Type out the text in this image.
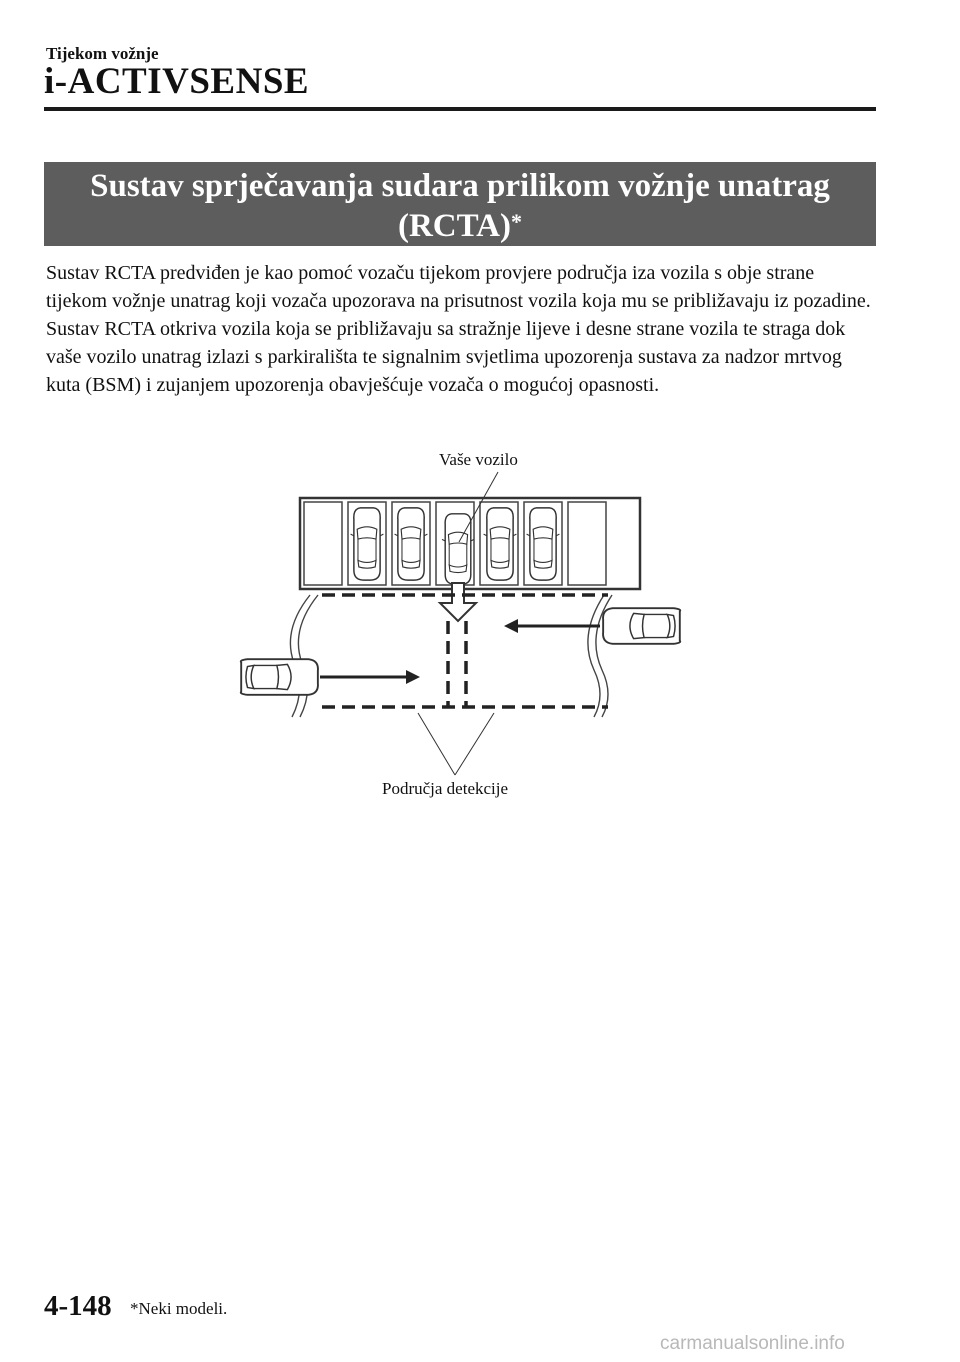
Tijekom vožnje
i-ACTIVSENSE
Sustav sprječavanja sudara prilikom vožnje unatrag
(RCTA)*

Sustav RCTA predviđen je kao pomoć vozaču tijekom provjere područja iza vozila s obje strane tijekom vožnje unatrag koji vozača upozorava na prisutnost vozila koja mu se približavaju iz pozadine.

Sustav RCTA otkriva vozila koja se približavaju sa stražnje lijeve i desne strane vozila te straga dok vaše vozilo unatrag izlazi s parkirališta te signalnim svjetlima upozorenja sustava za nadzor mrtvog kuta (BSM) i zujanjem upozorenja obavješćuje vozača o mogućoj opasnosti.

Vaše vozilo
Područja detekcije
4-148 *Neki modeli.
carmanualsonline.info
